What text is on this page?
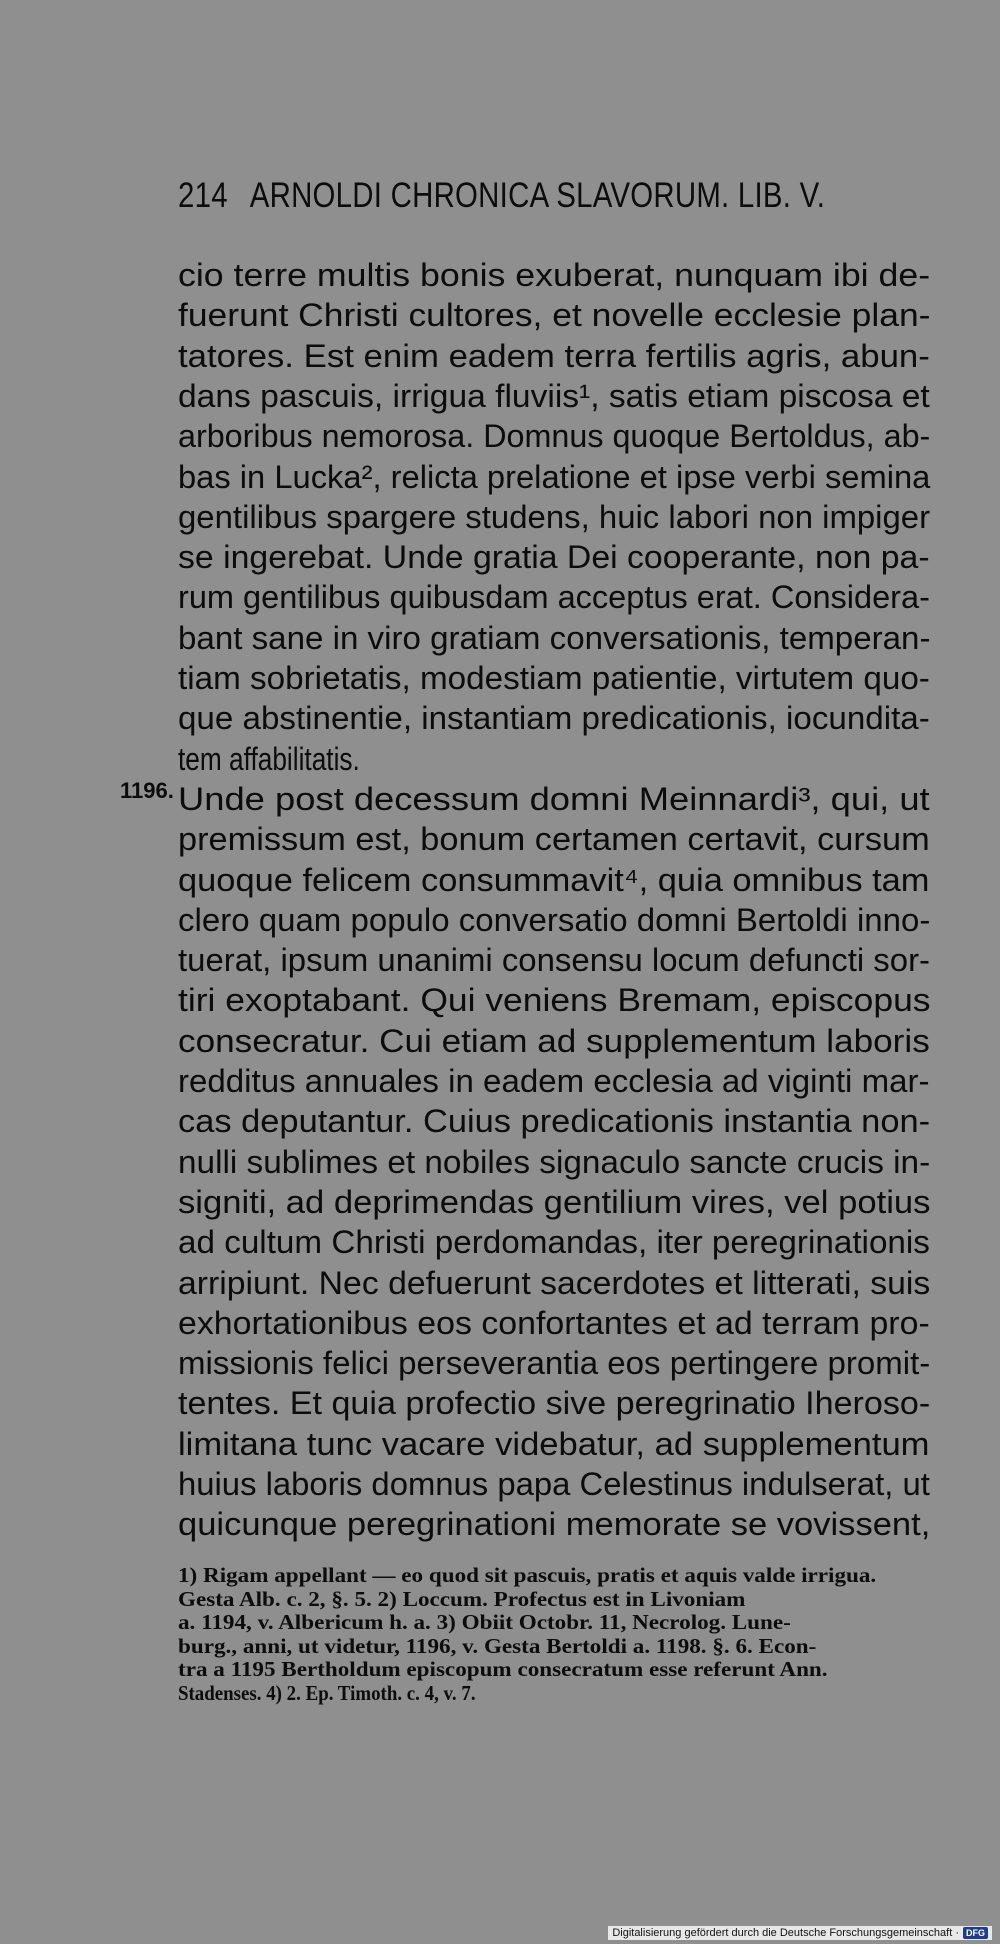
214 ARNOLDI CHRONICA SLAVORUM. LIB. V.
1196.
cio terre multis bonis exuberat, nunquam ibi de-
fuerunt Christi cultores, et novelle ecclesie plan-
tatores. Est enim eadem terra fertilis agris, abun-
dans pascuis, irrigua fluviis¹, satis etiam piscosa et
arboribus nemorosa. Domnus quoque Bertoldus, ab-
bas in Lucka², relicta prelatione et ipse verbi semina
gentilibus spargere studens, huic labori non impiger
se ingerebat. Unde gratia Dei cooperante, non pa-
rum gentilibus quibusdam acceptus erat. Considera-
bant sane in viro gratiam conversationis, temperan-
tiam sobrietatis, modestiam patientie, virtutem quo-
que abstinentie, instantiam predicationis, iocundita-
tem affabilitatis.
Unde post decessum domni Meinnardi³, qui, ut
premissum est, bonum certamen certavit, cursum
quoque felicem consummavit⁴, quia omnibus tam
clero quam populo conversatio domni Bertoldi inno-
tuerat, ipsum unanimi consensu locum defuncti sor-
tiri exoptabant. Qui veniens Bremam, episcopus
consecratur. Cui etiam ad supplementum laboris
redditus annuales in eadem ecclesia ad viginti mar-
cas deputantur. Cuius predicationis instantia non-
nulli sublimes et nobiles signaculo sancte crucis in-
signiti, ad deprimendas gentilium vires, vel potius
ad cultum Christi perdomandas, iter peregrinationis
arripiunt. Nec defuerunt sacerdotes et litterati, suis
exhortationibus eos confortantes et ad terram pro-
missionis felici perseverantia eos pertingere promit-
tentes. Et quia profectio sive peregrinatio Iheroso-
limitana tunc vacare videbatur, ad supplementum
huius laboris domnus papa Celestinus indulserat, ut
quicunque peregrinationi memorate se vovissent,
1) Rigam appellant — eo quod sit pascuis, pratis et aquis valde irrigua.
Gesta Alb. c. 2, §. 5. 2) Loccum. Profectus est in Livoniam
a. 1194, v. Albericum h. a. 3) Obiit Octobr. 11, Necrolog. Lune-
burg., anni, ut videtur, 1196, v. Gesta Bertoldi a. 1198. §. 6. Econ-
tra a 1195 Bertholdum episcopum consecratum esse referunt Ann.
Stadenses. 4) 2. Ep. Timoth. c. 4, v. 7.
Digitalisierung gefördert durch die Deutsche Forschungsgemeinschaft · DFG
